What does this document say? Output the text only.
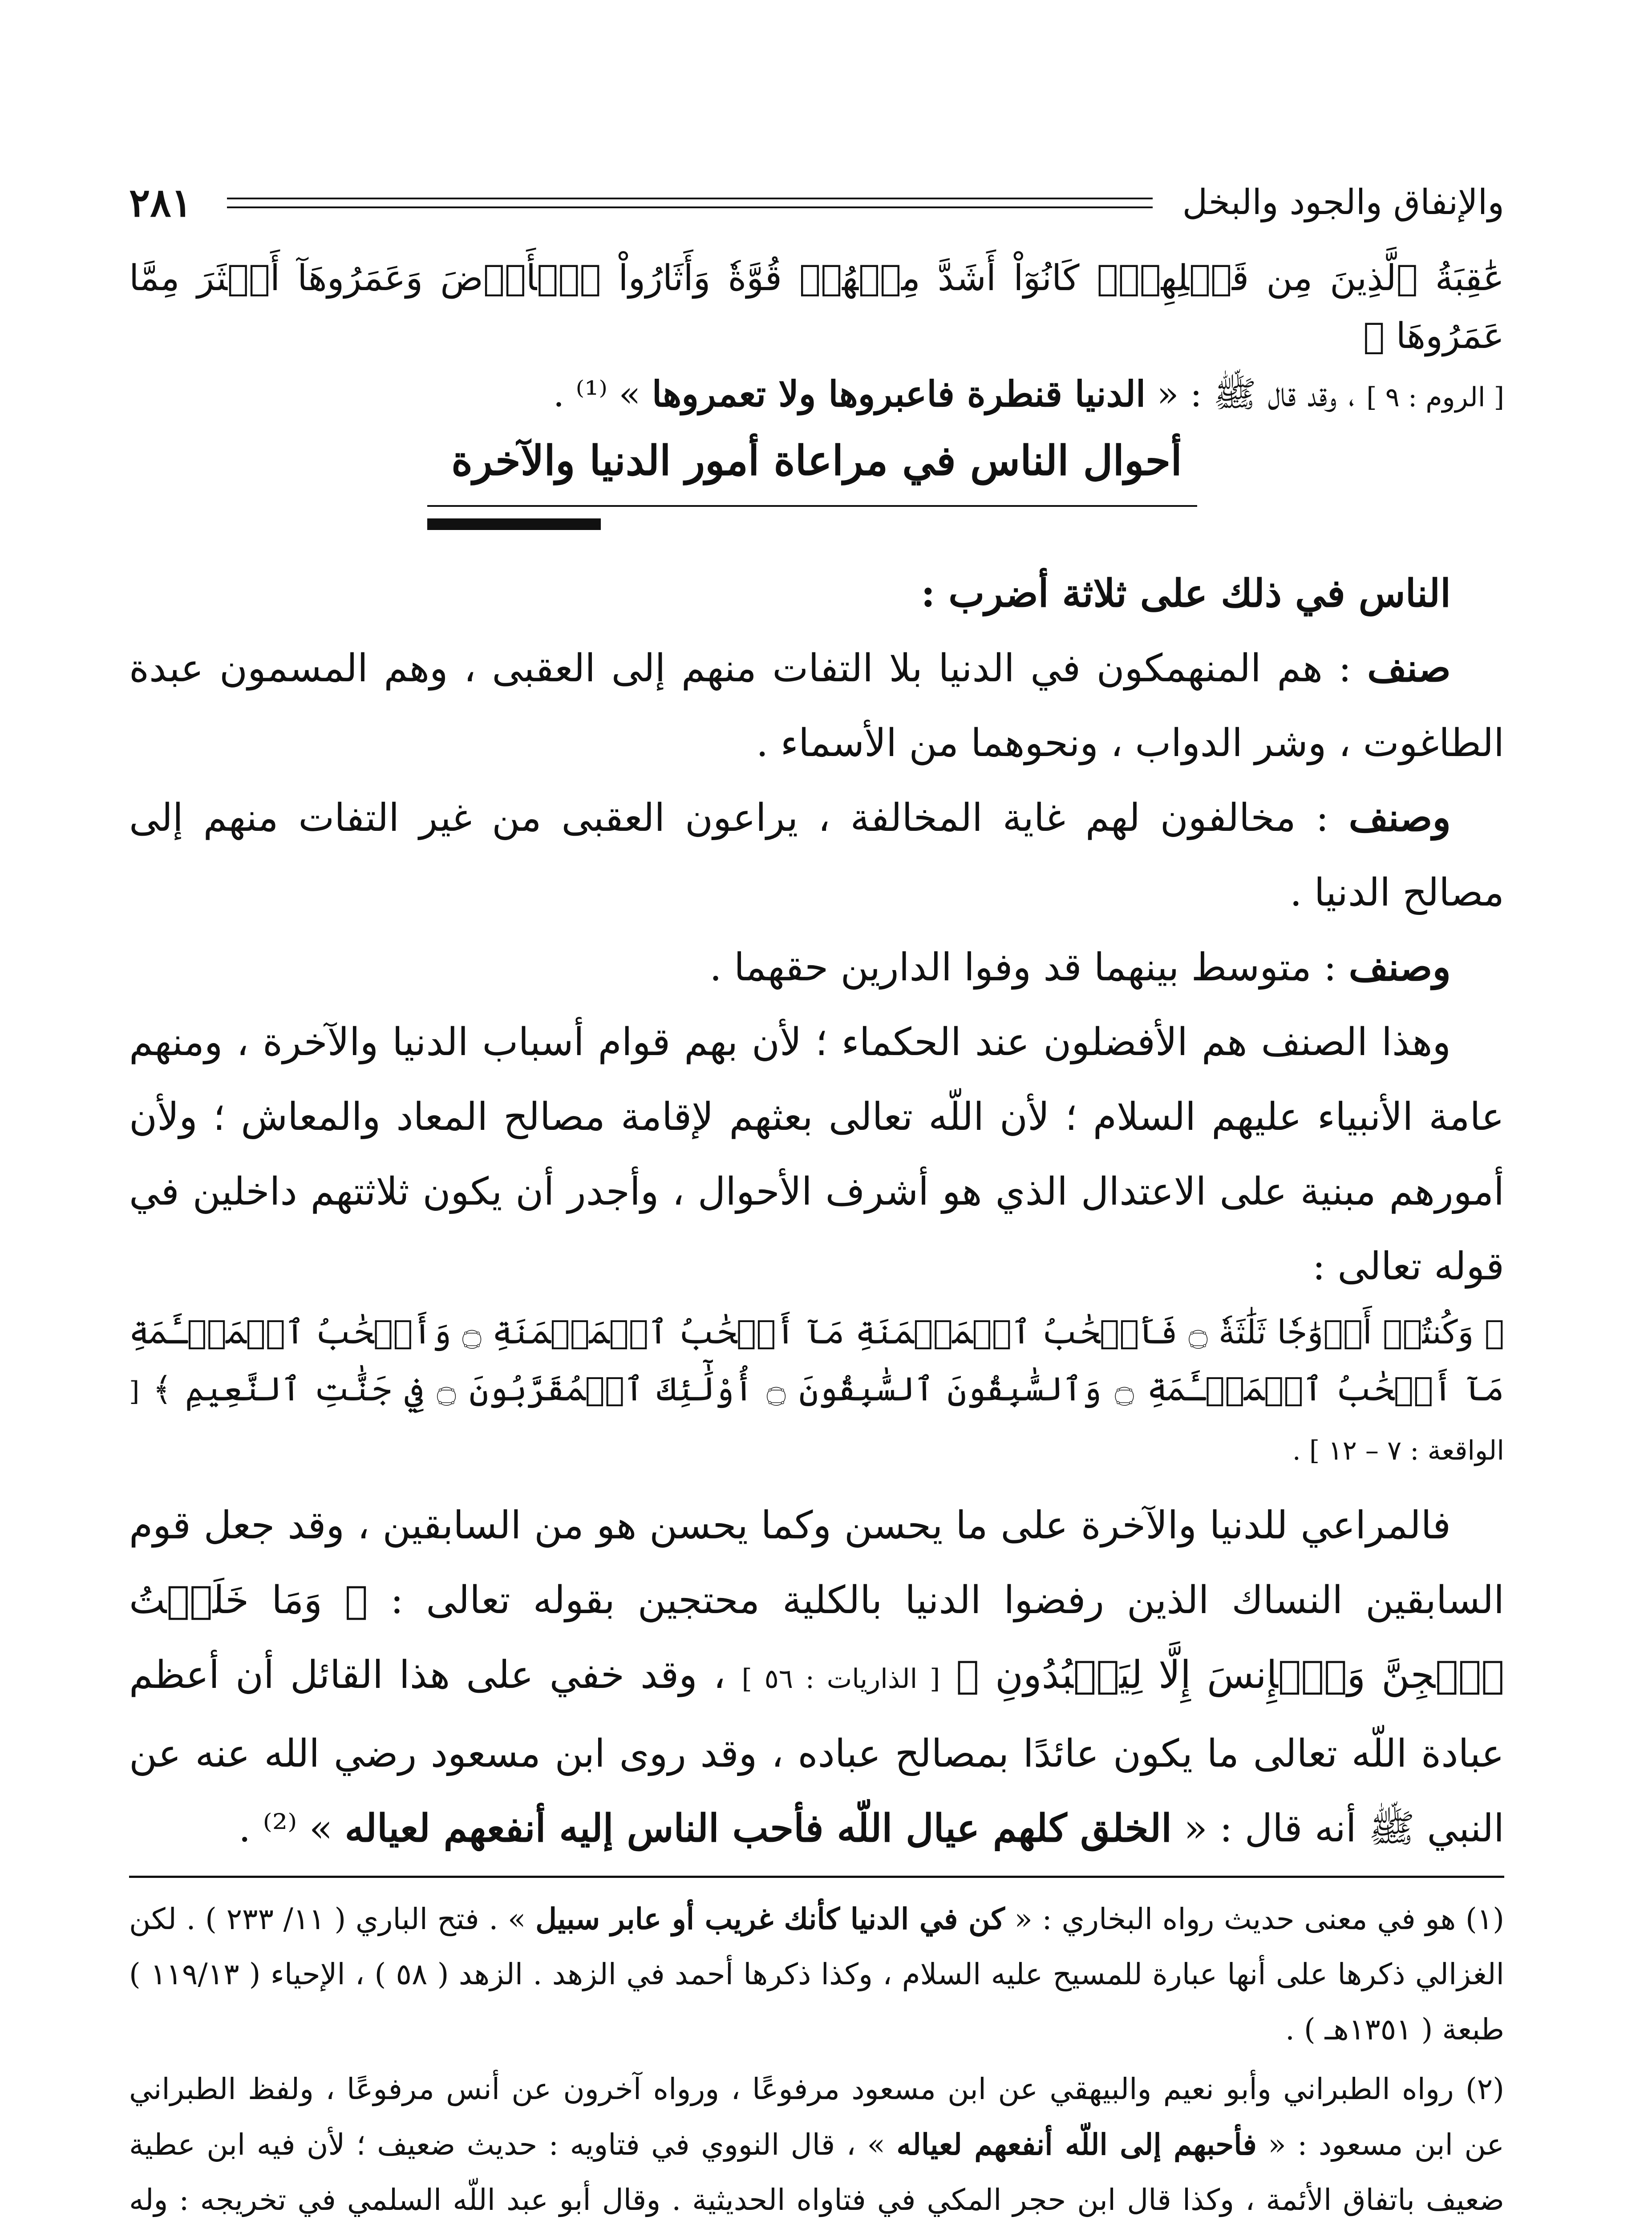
والإنفاق والجود والبخل
٢٨١
عَٰقِبَةُ ٱلَّذِينَ مِن قَبۡلِهِمۡۚ كَانُوٓاْ أَشَدَّ مِنۡهُمۡ قُوَّةٗ وَأَثَارُواْ ٱلۡأَرۡضَ وَعَمَرُوهَآ أَكۡثَرَ مِمَّا عَمَرُوهَا ﴾
[ الروم : ٩ ] ، وقد قال ﷺ : « الدنيا قنطرة فاعبروها ولا تعمروها » ⁽¹⁾ .
أحوال الناس في مراعاة أمور الدنيا والآخرة

الناس في ذلك على ثلاثة أضرب :

صنف : هم المنهمكون في الدنيا بلا التفات منهم إلى العقبى ، وهم المسمون عبدة الطاغوت ، وشر الدواب ، ونحوهما من الأسماء .

وصنف : مخالفون لهم غاية المخالفة ، يراعون العقبى من غير التفات منهم إلى مصالح الدنيا .

وصنف : متوسط بينهما قد وفوا الدارين حقهما .

وهذا الصنف هم الأفضلون عند الحكماء ؛ لأن بهم قوام أسباب الدنيا والآخرة ، ومنهم عامة الأنبياء عليهم السلام ؛ لأن اللّه تعالى بعثهم لإقامة مصالح المعاد والمعاش ؛ ولأن أمورهم مبنية على الاعتدال الذي هو أشرف الأحوال ، وأجدر أن يكون ثلاثتهم داخلين في قوله تعالى :

﴿ وَكُنتُمۡ أَزۡوَٰجٗا ثَلَٰثَةٗ ۝ فَأَصۡحَٰبُ ٱلۡمَيۡمَنَةِ مَآ أَصۡحَٰبُ ٱلۡمَيۡمَنَةِ ۝ وَأَصۡحَٰبُ ٱلۡمَشۡـَٔمَةِ مَآ أَصۡحَٰبُ ٱلۡمَشۡـَٔمَةِ ۝ وَٱلسَّٰبِقُونَ ٱلسَّٰبِقُونَ ۝ أُوْلَٰٓئِكَ ٱلۡمُقَرَّبُونَ ۝ فِي جَنَّٰتِ ٱلنَّعِيمِ ﴾ [ الواقعة : ٧ – ١٢ ] .

فالمراعي للدنيا والآخرة على ما يحسن وكما يحسن هو من السابقين ، وقد جعل قوم السابقين النساك الذين رفضوا الدنيا بالكلية محتجين بقوله تعالى : ﴿ وَمَا خَلَقۡتُ ٱلۡجِنَّ وَٱلۡإِنسَ إِلَّا لِيَعۡبُدُونِ ﴾ [ الذاريات : ٥٦ ] ، وقد خفي على هذا القائل أن أعظم عبادة اللّه تعالى ما يكون عائدًا بمصالح عباده ، وقد روى ابن مسعود رضي الله عنه عن النبي ﷺ أنه قال : « الخلق كلهم عيال اللّه فأحب الناس إليه أنفعهم لعياله » ⁽²⁾ .

(١) هو في معنى حديث رواه البخاري : « كن في الدنيا كأنك غريب أو عابر سبيل » . فتح الباري ( ١١/ ٢٣٣ ) . لكن الغزالي ذكرها على أنها عبارة للمسيح عليه السلام ، وكذا ذكرها أحمد في الزهد . الزهد ( ٥٨ ) ، الإحياء ( ١١٩/١٣ ) طبعة ( ١٣٥١هـ ) .

(٢) رواه الطبراني وأبو نعيم والبيهقي عن ابن مسعود مرفوعًا ، ورواه آخرون عن أنس مرفوعًا ، ولفظ الطبراني عن ابن مسعود : « فأحبهم إلى اللّه أنفعهم لعياله » ، قال النووي في فتاويه : حديث ضعيف ؛ لأن فيه ابن عطية ضعيف باتفاق الأئمة ، وكذا قال ابن حجر المكي في فتاواه الحديثية . وقال أبو عبد اللّه السلمي في تخريجه : وله
